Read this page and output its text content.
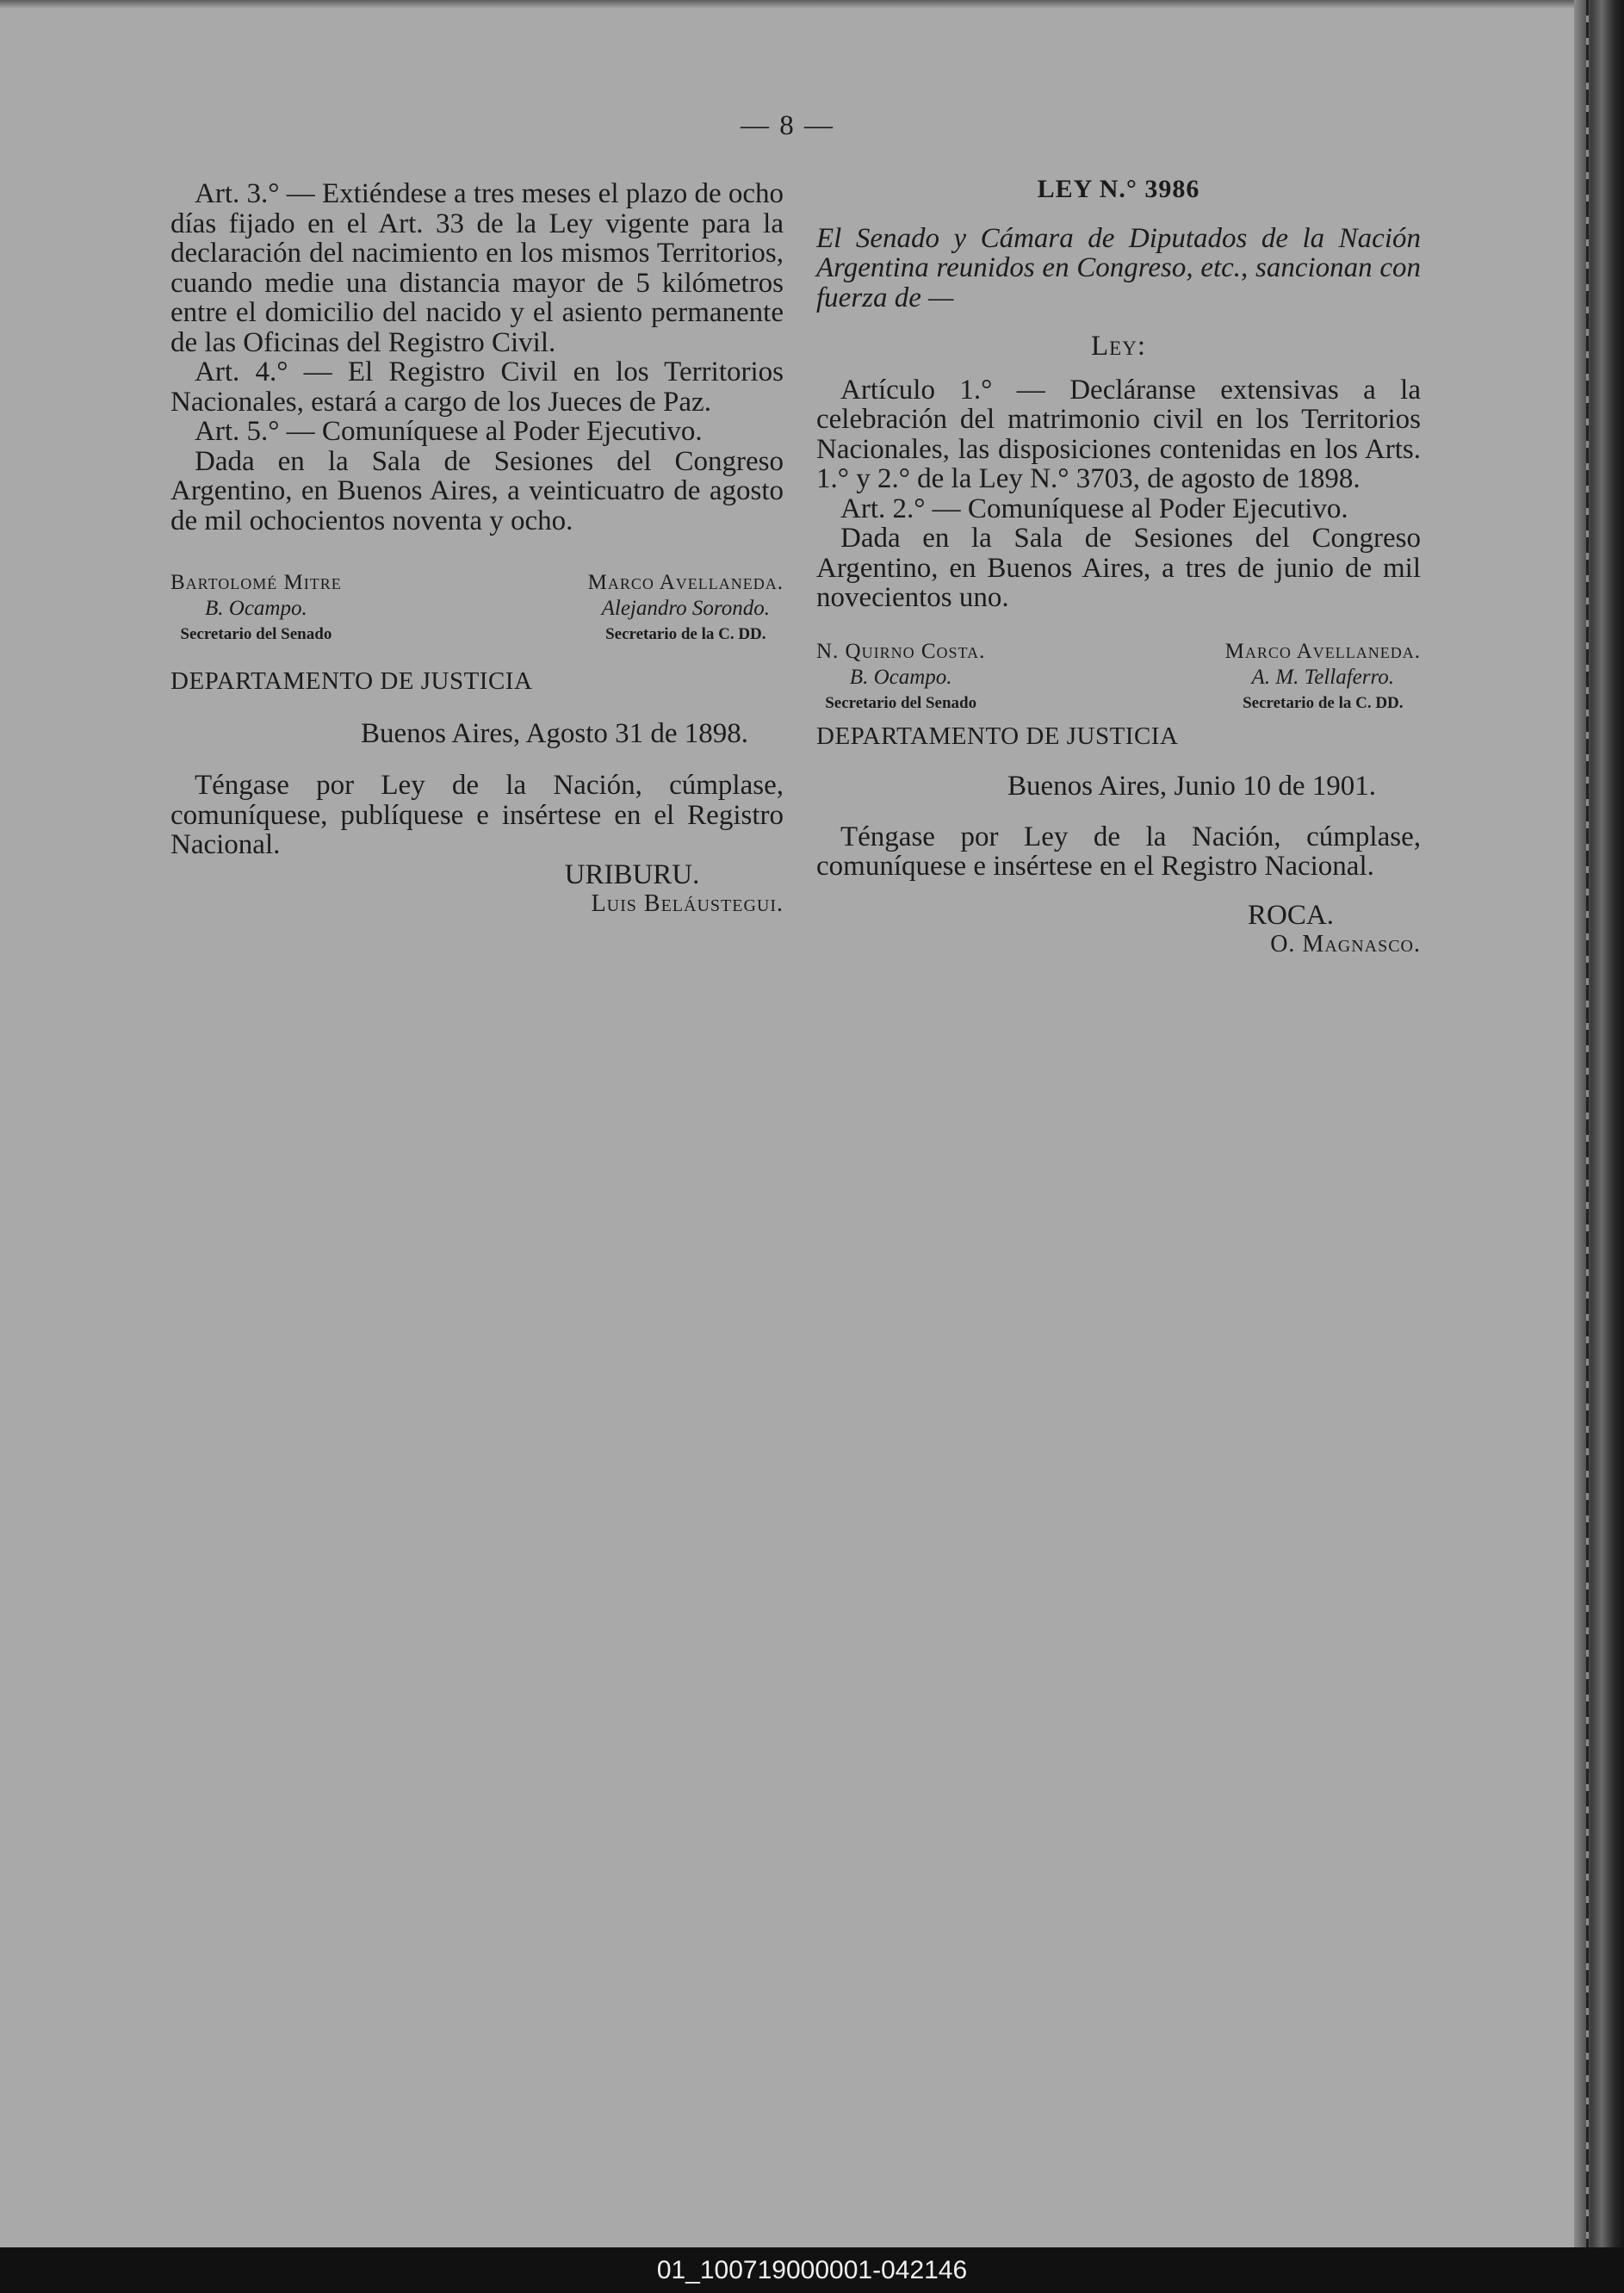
— 8 —

Art. 3.° — Extiéndese a tres meses el plazo de ocho días fijado en el Art. 33 de la Ley vigente para la declaración del nacimiento en los mismos Territorios, cuando medie una distancia mayor de 5 kilómetros entre el domicilio del nacido y el asiento permanente de las Oficinas del Registro Civil.

Art. 4.° — El Registro Civil en los Territorios Nacionales, estará a cargo de los Jueces de Paz.

Art. 5.° — Comuníquese al Poder Ejecutivo.

Dada en la Sala de Sesiones del Congreso Argentino, en Buenos Aires, a veinticuatro de agosto de mil ochocientos noventa y ocho.

Bartolomé Mitre
B. Ocampo.
Secretario del Senado
Marco Avellaneda.
Alejandro Sorondo.
Secretario de la C. DD.

DEPARTAMENTO DE JUSTICIA

Buenos Aires, Agosto 31 de 1898.

Téngase por Ley de la Nación, cúmplase, comuníquese, publíquese e insértese en el Registro Nacional.

URIBURU.

Luis Beláustegui.

LEY N.° 3986

El Senado y Cámara de Diputados de la Nación Argentina reunidos en Congreso, etc., sancionan con fuerza de —

Ley:

Artículo 1.° — Decláranse extensivas a la celebración del matrimonio civil en los Territorios Nacionales, las disposiciones contenidas en los Arts. 1.° y 2.° de la Ley N.° 3703, de agosto de 1898.

Art. 2.° — Comuníquese al Poder Ejecutivo.

Dada en la Sala de Sesiones del Congreso Argentino, en Buenos Aires, a tres de junio de mil novecientos uno.

N. Quirno Costa.
B. Ocampo.
Secretario del Senado
Marco Avellaneda.
A. M. Tellaferro.
Secretario de la C. DD.

DEPARTAMENTO DE JUSTICIA

Buenos Aires, Junio 10 de 1901.

Téngase por Ley de la Nación, cúmplase, comuníquese e insértese en el Registro Nacional.

ROCA.

O. Magnasco.

01_100719000001-042146
